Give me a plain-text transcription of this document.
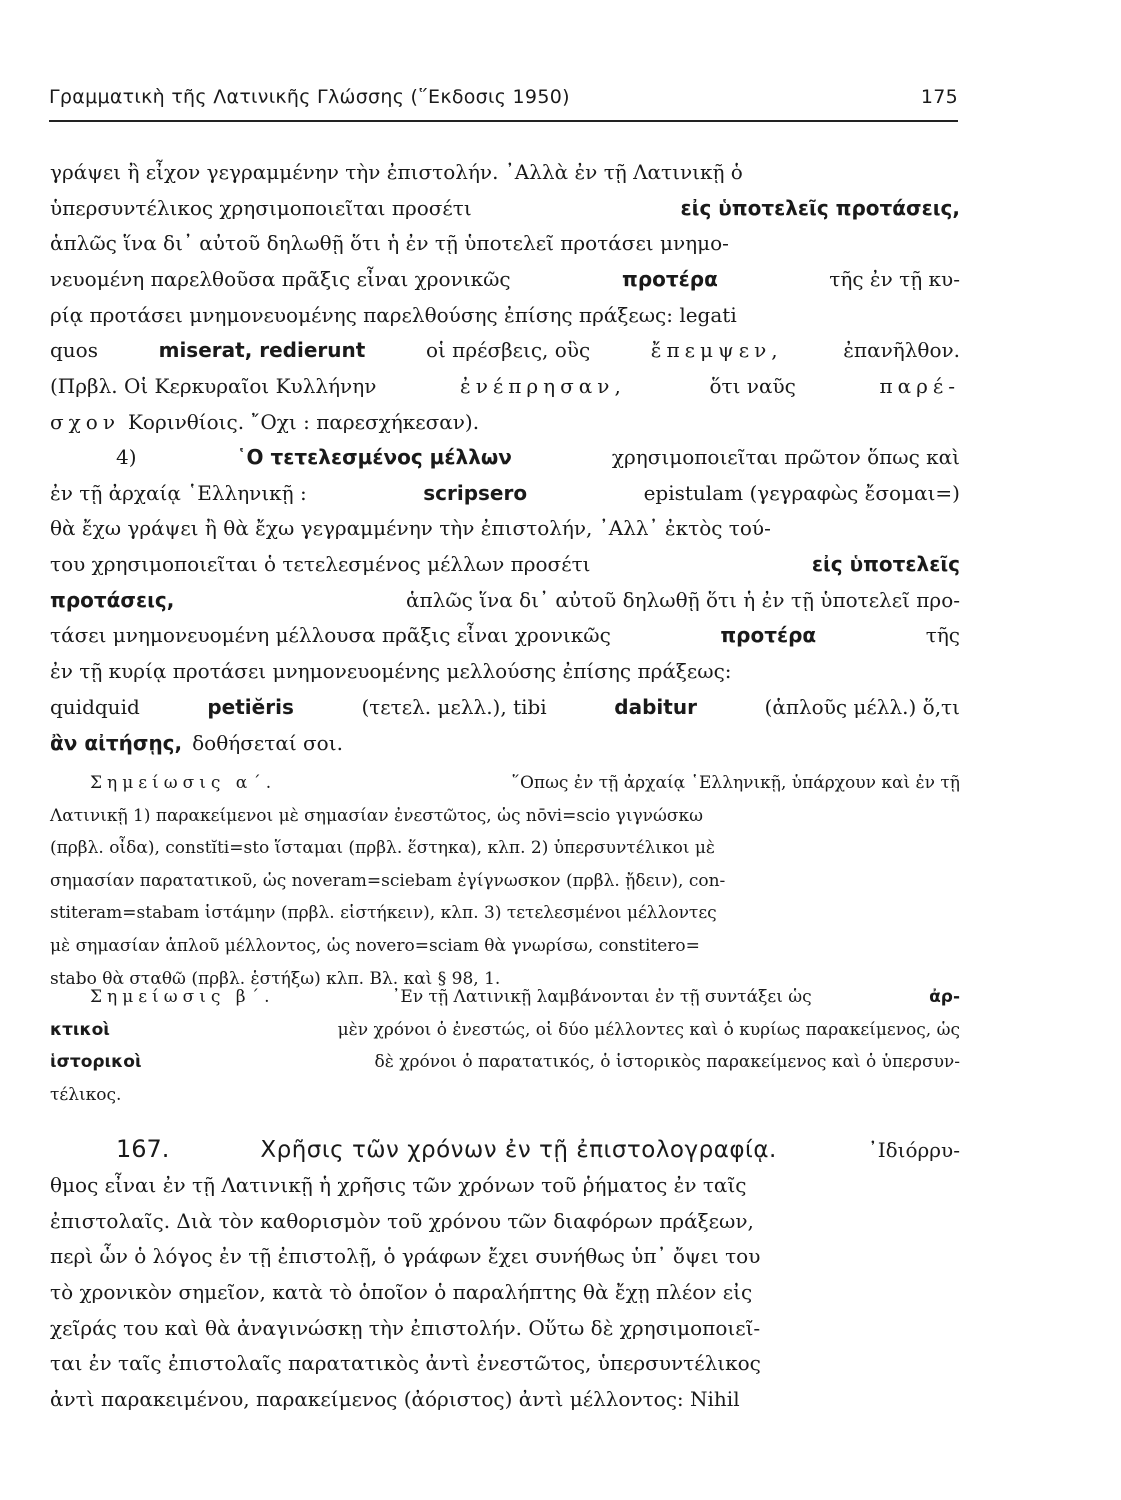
Γραμματικὴ τῆς Λατινικῆς Γλώσσης (῞Εκδοσις 1950)	175
γράψει ἢ εἶχον γεγραμμένην τὴν ἐπιστολήν. ᾿Αλλὰ ἐν τῇ Λατινικῇ ὁ
ὑπερσυντέλικος χρησιμοποιεῖται προσέτι	εἰς ὑποτελεῖς προτάσεις,
ἁπλῶς ἵνα δι᾿ αὐτοῦ δηλωθῇ ὅτι ἡ ἐν τῇ ὑποτελεῖ προτάσει μνημο-
νευομένη παρελθοῦσα πρᾶξις εἶναι χρονικῶς	προτέρα	τῆς ἐν τῇ κυ-
ρίᾳ προτάσει μνημονευομένης παρελθούσης ἐπίσης πράξεως: legati
quos	miserat, redierunt	οἱ πρέσβεις, οὓς	ἔπεμψεν,	ἐπανῆλθον.
(Πρβλ. Οἱ Κερκυραῖοι Κυλλήνην	ἐνέπρησαν,	ὅτι ναῦς	παρέ-
σχον Κορινθίοις. ῎Οχι : παρεσχήκεσαν).
4)	῾Ο τετελεσμένος μέλλων	χρησιμοποιεῖται πρῶτον ὅπως καὶ
ἐν τῇ ἀρχαίᾳ ῾Ελληνικῇ :	scripsero	epistulam (γεγραφὼς ἔσομαι=)
θὰ ἔχω γράψει ἢ θὰ ἔχω γεγραμμένην τὴν ἐπιστολήν, ᾿Αλλ᾿ ἐκτὸς τού-
του χρησιμοποιεῖται ὁ τετελεσμένος μέλλων προσέτι	εἰς ὑποτελεῖς
προτάσεις,	ἁπλῶς ἵνα δι᾿ αὐτοῦ δηλωθῇ ὅτι ἡ ἐν τῇ ὑποτελεῖ προ-
τάσει μνημονευομένη μέλλουσα πρᾶξις εἶναι χρονικῶς	προτέρα	τῆς
ἐν τῇ κυρίᾳ προτάσει μνημονευομένης μελλούσης ἐπίσης πράξεως:
quidquid	petiĕris	(τετελ. μελλ.), tibi	dabitur	(ἁπλοῦς μέλλ.) ὅ,τι
ἂν αἰτήσῃς, δοθήσεταί σοι.
Σημείωσις α΄.	῞Οπως ἐν τῇ ἀρχαίᾳ ῾Ελληνικῇ, ὑπάρχουν καὶ ἐν τῇ
Λατινικῇ 1) παρακείμενοι μὲ σημασίαν ἐνεστῶτος, ὡς nōvi=scio γιγνώσκω
(πρβλ. οἶδα), constĭti=sto ἵσταμαι (πρβλ. ἕστηκα), κλπ. 2) ὑπερσυντέλικοι μὲ
σημασίαν παρατατικοῦ, ὡς noveram=sciebam ἐγίγνωσκον (πρβλ. ᾔδειν), con-
stiteram=stabam ἱστάμην (πρβλ. εἱστήκειν), κλπ. 3) τετελεσμένοι μέλλοντες
μὲ σημασίαν ἁπλοῦ μέλλοντος, ὡς novero=sciam θὰ γνωρίσω, constitero=
stabo θὰ σταθῶ (πρβλ. ἑστήξω) κλπ. Βλ. καὶ § 98, 1.
Σημείωσις β΄.	᾿Εν τῇ Λατινικῇ λαμβάνονται ἐν τῇ συντάξει ὡς	ἀρ-
κτικοὶ	μὲν χρόνοι ὁ ἐνεστώς, οἱ δύο μέλλοντες καὶ ὁ κυρίως παρακείμενος, ὡς
ἱστορικοὶ	δὲ χρόνοι ὁ παρατατικός, ὁ ἱστορικὸς παρακείμενος καὶ ὁ ὑπερσυν-
τέλικος.
167.	Χρῆσις τῶν χρόνων ἐν τῇ ἐπιστολογραφίᾳ.	᾿Ιδιόρρυ-
θμος εἶναι ἐν τῇ Λατινικῇ ἡ χρῆσις τῶν χρόνων τοῦ ῥήματος ἐν ταῖς
ἐπιστολαῖς. Διὰ τὸν καθορισμὸν τοῦ χρόνου τῶν διαφόρων πράξεων,
περὶ ὧν ὁ λόγος ἐν τῇ ἐπιστολῇ, ὁ γράφων ἔχει συνήθως ὑπ᾿ ὄψει του
τὸ χρονικὸν σημεῖον, κατὰ τὸ ὁποῖον ὁ παραλήπτης θὰ ἔχῃ πλέον εἰς
χεῖράς του καὶ θὰ ἀναγινώσκῃ τὴν ἐπιστολήν. Οὕτω δὲ χρησιμοποιεῖ-
ται ἐν ταῖς ἐπιστολαῖς παρατατικὸς ἀντὶ ἐνεστῶτος, ὑπερσυντέλικος
ἀντὶ παρακειμένου, παρακείμενος (ἀόριστος) ἀντὶ μέλλοντος: Nihil
